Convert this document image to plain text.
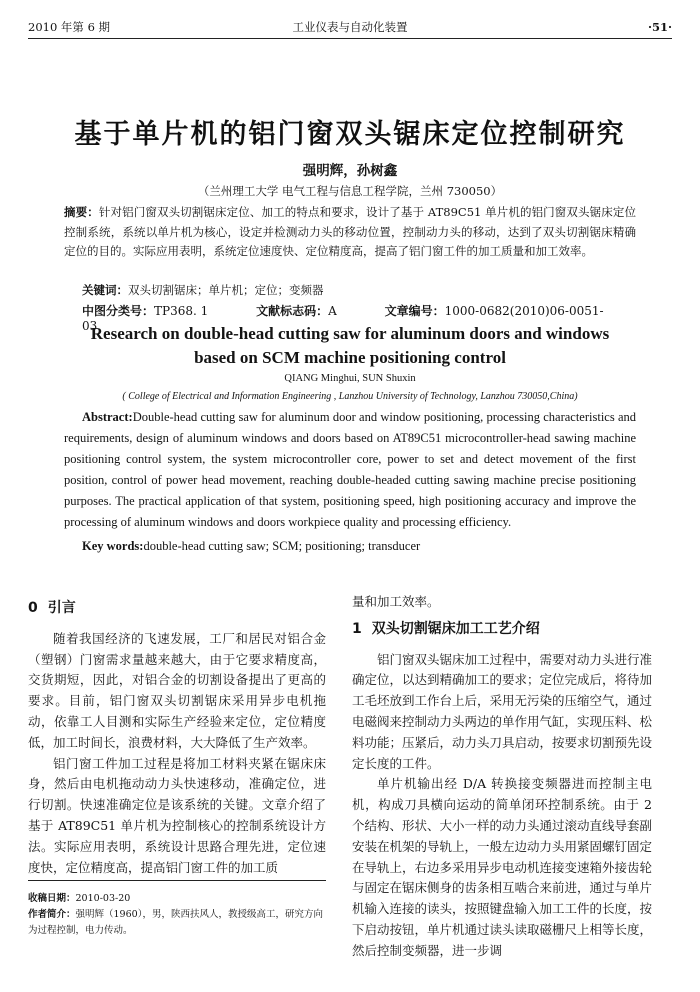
2010 年第 6 期	工业仪表与自动化装置	·51·
基于单片机的铝门窗双头锯床定位控制研究
强明辉，孙树鑫
（兰州理工大学 电气工程与信息工程学院，兰州 730050）
摘要：针对铝门窗双头切割锯床定位、加工的特点和要求，设计了基于 AT89C51 单片机的铝门窗双头锯床定位控制系统，系统以单片机为核心，设定并检测动力头的移动位置，控制动力头的移动，达到了双头切割锯床精确定位的目的。实际应用表明，系统定位速度快、定位精度高，提高了铝门窗工件的加工质量和加工效率。
关键词：双头切割锯床；单片机；定位；变频器
中图分类号：TP368. 1	文献标志码：A	文章编号：1000-0682(2010)06-0051-03
Research on double-head cutting saw for aluminum doors and windows
based on SCM machine positioning control
QIANG Minghui, SUN Shuxin
( College of Electrical and Information Engineering , Lanzhou University of Technology, Lanzhou 730050,China)
Abstract:Double-head cutting saw for aluminum door and window positioning, processing characteristics and requirements, design of aluminum windows and doors based on AT89C51 microcontroller-head sawing machine positioning control system, the system microcontroller core, power to set and detect movement of the first position, control of power head movement, reaching double-headed cutting sawing machine precise positioning purposes. The practical application of that system, positioning speed, high positioning accuracy and improve the processing of aluminum windows and doors workpiece quality and processing efficiency.
Key words:double-head cutting saw; SCM; positioning; transducer
0 引言

随着我国经济的飞速发展，工厂和居民对铝合金（塑钢）门窗需求量越来越大，由于它要求精度高，交货期短，因此，对铝合金的切割设备提出了更高的要求。目前，铝门窗双头切割锯床采用异步电机拖动，依靠工人目测和实际生产经验来定位，定位精度低，加工时间长，浪费材料，大大降低了生产效率。

铝门窗工件加工过程是将加工材料夹紧在锯床床身，然后由电机拖动动力头快速移动，准确定位，进行切割。快速准确定位是该系统的关键。文章介绍了基于 AT89C51 单片机为控制核心的控制系统设计方法。实际应用表明，系统设计思路合理先进，定位速度快，定位精度高，提高铝门窗工件的加工质

量和加工效率。

1 双头切割锯床加工工艺介绍

铝门窗双头锯床加工过程中，需要对动力头进行准确定位，以达到精确加工的要求；定位完成后，将待加工毛坯放到工作台上后，采用无污染的压缩空气，通过电磁阀来控制动力头两边的单作用气缸，实现压料、松料功能；压紧后，动力头刀具启动，按要求切割预先设定长度的工件。

单片机输出经 D/A 转换接变频器进而控制主电机，构成刀具横向运动的简单闭环控制系统。由于 2 个结构、形状、大小一样的动力头通过滚动直线导套副安装在机架的导轨上，一般左边动力头用紧固螺钉固定在导轨上，右边多采用异步电动机连接变速箱外接齿轮与固定在锯床侧身的齿条相互啮合来前进，通过与单片机输入连接的读头，按照键盘输入加工工件的长度，按下启动按钮，单片机通过读头读取磁栅尺上相等长度，然后控制变频器，进一步调

收稿日期：2010-03-20
作者简介：强明辉（1960），男，陕西扶风人，教授级高工，研究方向为过程控制，电力传动。
